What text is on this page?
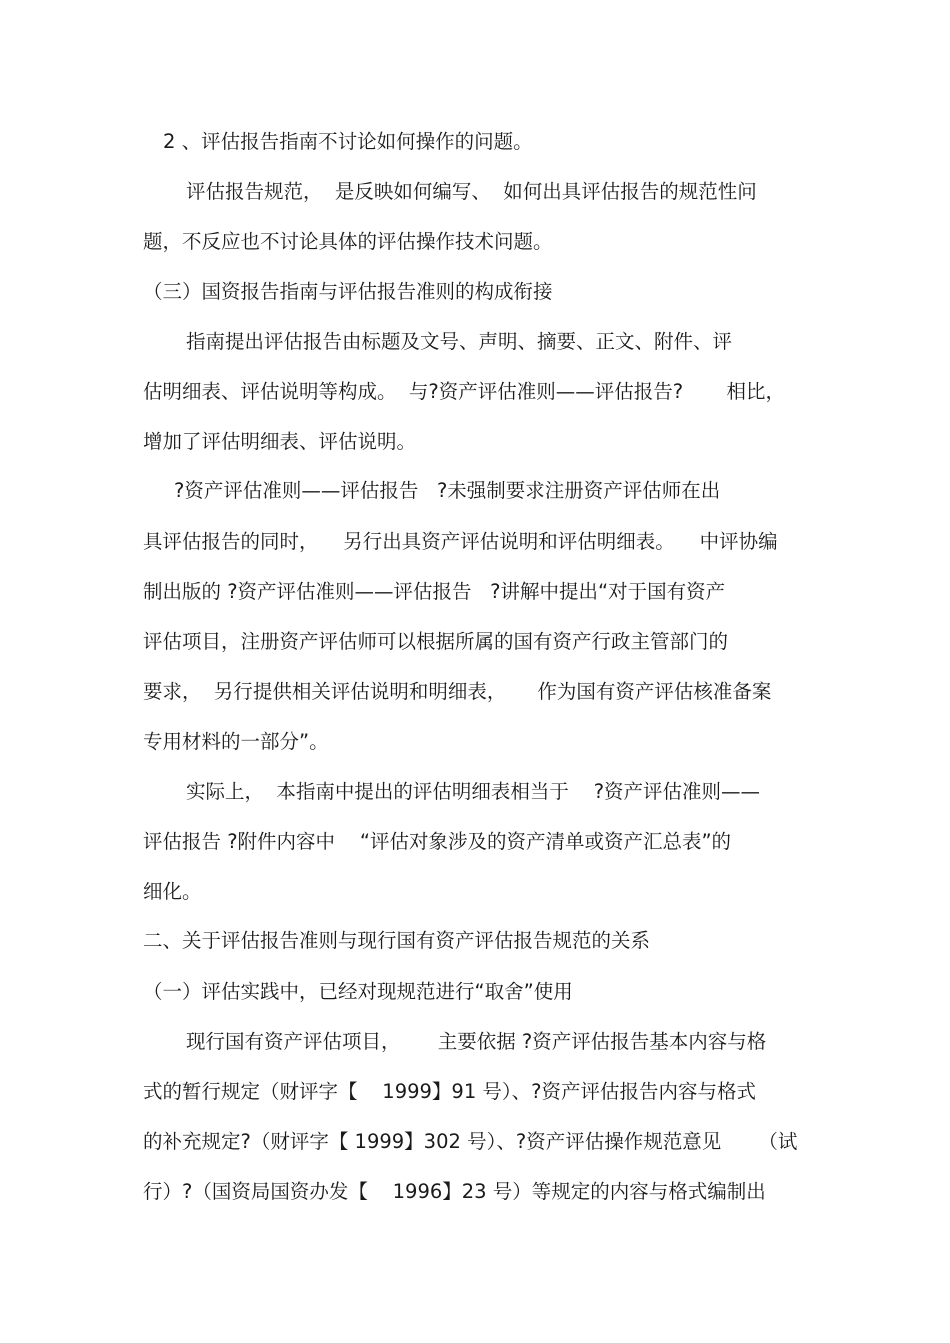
2 、评估报告指南不讨论如何操作的问题。
评估报告规范，  是反映如何编写、  如何出具评估报告的规范性问
题，不反应也不讨论具体的评估操作技术问题。
（三）国资报告指南与评估报告准则的构成衔接
指南提出评估报告由标题及文号、声明、摘要、正文、附件、评
估明细表、评估说明等构成。  与?资产评估准则——评估报告?       相比，
增加了评估明细表、评估说明。
?资产评估准则——评估报告   ?未强制要求注册资产评估师在出
具评估报告的同时，    另行出具资产评估说明和评估明细表。    中评协编
制出版的 ?资产评估准则——评估报告   ?讲解中提出“对于国有资产
评估项目，注册资产评估师可以根据所属的国有资产行政主管部门的
要求，  另行提供相关评估说明和明细表，     作为国有资产评估核准备案
专用材料的一部分”。
实际上，  本指南中提出的评估明细表相当于    ?资产评估准则——
评估报告 ?附件内容中    “评估对象涉及的资产清单或资产汇总表”的
细化。
二、关于评估报告准则与现行国有资产评估报告规范的关系
（一）评估实践中，已经对现规范进行“取舍”使用
现行国有资产评估项目，      主要依据 ?资产评估报告基本内容与格
式的暂行规定（财评字【    1999】91 号）、?资产评估报告内容与格式
的补充规定?（财评字【 1999】302 号）、?资产评估操作规范意见      （试
行）?（国资局国资办发【    1996】23 号）等规定的内容与格式编制出
